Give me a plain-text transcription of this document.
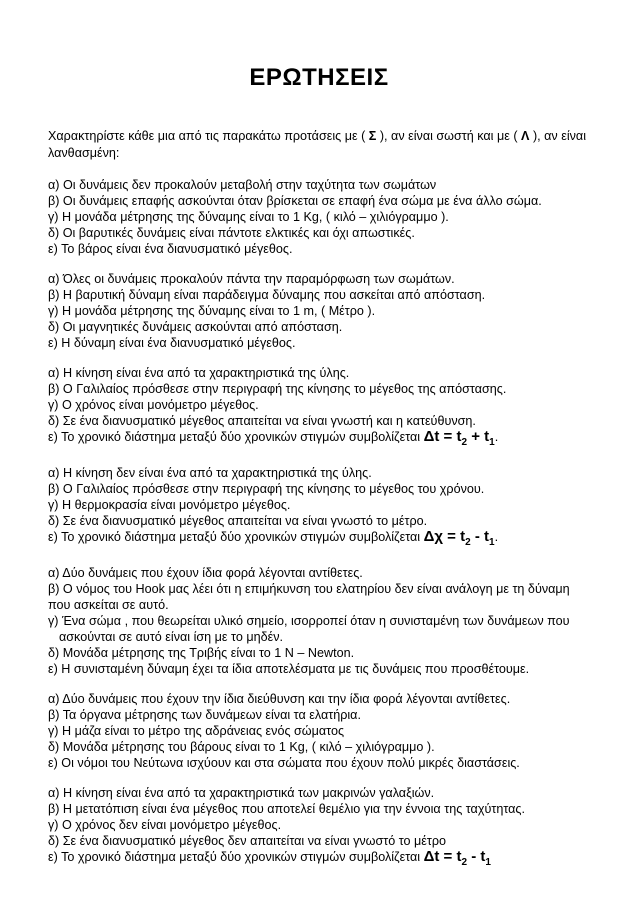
ΕΡΩΤΗΣΕΙΣ
Χαρακτηρίστε κάθε μια από τις παρακάτω προτάσεις με ( Σ ), αν είναι σωστή και με ( Λ ), αν είναι λανθασμένη:
α) Οι δυνάμεις δεν προκαλούν μεταβολή στην ταχύτητα των σωμάτων
β) Οι δυνάμεις επαφής ασκούνται όταν βρίσκεται σε επαφή ένα σώμα με ένα άλλο σώμα.
γ) Η μονάδα μέτρησης της δύναμης είναι το 1 Kg, ( κιλό – χιλιόγραμμο ).
δ) Οι βαρυτικές δυνάμεις είναι πάντοτε ελκτικές και όχι απωστικές.
ε) Το βάρος είναι ένα διανυσματικό μέγεθος.
α) Όλες οι δυνάμεις προκαλούν πάντα την παραμόρφωση των σωμάτων.
β) Η βαρυτική δύναμη είναι παράδειγμα δύναμης που ασκείται από απόσταση.
γ) Η μονάδα μέτρησης της δύναμης είναι το 1 m, ( Μέτρο ).
δ) Οι μαγνητικές δυνάμεις ασκούνται από απόσταση.
ε) Η δύναμη είναι ένα διανυσματικό μέγεθος.
α) Η κίνηση είναι ένα από τα χαρακτηριστικά της ύλης.
β) Ο Γαλιλαίος πρόσθεσε στην περιγραφή της κίνησης το μέγεθος της απόστασης.
γ) Ο χρόνος είναι μονόμετρο μέγεθος.
δ) Σε ένα διανυσματικό μέγεθος απαιτείται να είναι γνωστή και η κατεύθυνση.
ε) Το χρονικό διάστημα μεταξύ δύο χρονικών στιγμών συμβολίζεται $\Delta t = t_2 + t_1$.
α) Η κίνηση δεν είναι ένα από τα χαρακτηριστικά της ύλης.
β) Ο Γαλιλαίος πρόσθεσε στην περιγραφή της κίνησης το μέγεθος του χρόνου.
γ) Η θερμοκρασία είναι μονόμετρο μέγεθος.
δ) Σε ένα διανυσματικό μέγεθος απαιτείται να είναι γνωστό το μέτρο.
ε) Το χρονικό διάστημα μεταξύ δύο χρονικών στιγμών συμβολίζεται $\Delta\chi = t_2 - t_1$.
α) Δύο δυνάμεις που έχουν ίδια φορά λέγονται αντίθετες.
β) Ο νόμος του Hook μας λέει ότι η επιμήκυνση του ελατηρίου δεν είναι ανάλογη με τη δύναμη που ασκείται σε αυτό.
γ) Ένα σώμα , που θεωρείται υλικό σημείο, ισορροπεί όταν η συνισταμένη των δυνάμεων που ασκούνται σε αυτό είναι ίση με το μηδέν.
δ) Μονάδα μέτρησης της Τριβής είναι το 1 Ν – Newton.
ε) Η συνισταμένη δύναμη έχει τα ίδια αποτελέσματα με τις δυνάμεις που προσθέτουμε.
α) Δύο δυνάμεις που έχουν την ίδια διεύθυνση και την ίδια φορά λέγονται αντίθετες.
β) Τα όργανα μέτρησης των δυνάμεων είναι τα ελατήρια.
γ) Η μάζα είναι το μέτρο της αδράνειας ενός σώματος
δ) Μονάδα μέτρησης του βάρους είναι το 1 Kg, ( κιλό – χιλιόγραμμο ).
ε) Οι νόμοι του Νεύτωνα ισχύουν και στα σώματα που έχουν πολύ μικρές διαστάσεις.
α) Η κίνηση είναι ένα από τα χαρακτηριστικά των μακρινών γαλαξιών.
β) Η μετατόπιση είναι ένα μέγεθος που αποτελεί θεμέλιο για την έννοια της ταχύτητας.
γ) Ο χρόνος δεν είναι μονόμετρο μέγεθος.
δ) Σε ένα διανυσματικό μέγεθος δεν απαιτείται να είναι γνωστό το μέτρο
ε) Το χρονικό διάστημα μεταξύ δύο χρονικών στιγμών συμβολίζεται $\Delta t = t_2 - t_1$
